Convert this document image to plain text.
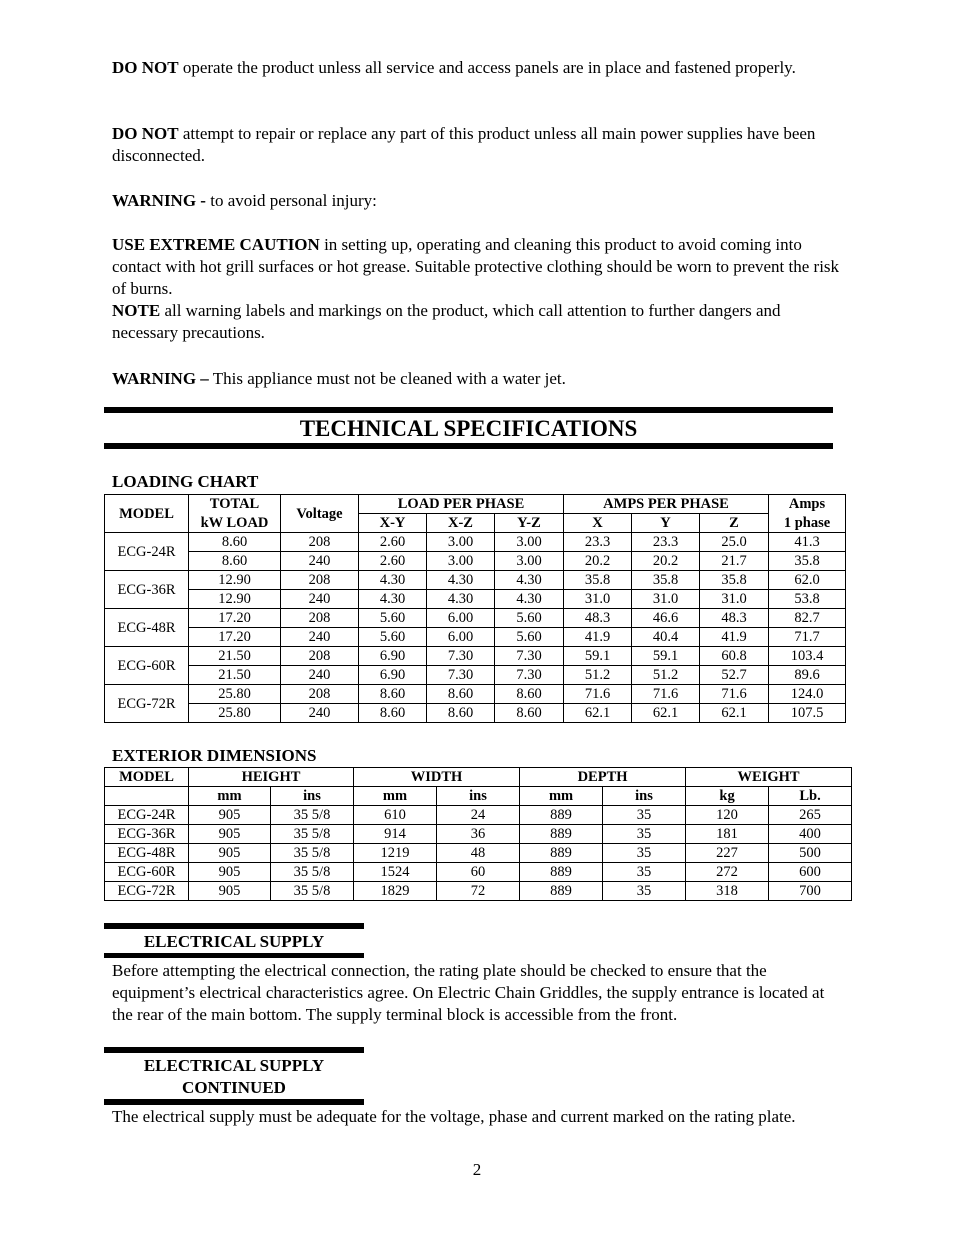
DO NOT operate the product unless all service and access panels are in place and fastened properly.

DO NOT attempt to repair or replace any part of this product unless all main power supplies have been disconnected.

WARNING - to avoid personal injury:

USE EXTREME CAUTION in setting up, operating and cleaning this product to avoid coming into contact with hot grill surfaces or hot grease. Suitable protective clothing should be worn to prevent the risk of burns.

NOTE all warning labels and markings on the product, which call attention to further dangers and necessary precautions.

WARNING – This appliance must not be cleaned with a water jet.

TECHNICAL SPECIFICATIONS
LOADING CHART
MODEL	TOTAL	Voltage	LOAD PER PHASE			AMPS PER PHASE			Amps
	kW LOAD		X-Y	X-Z	Y-Z	X	Y	Z	1 phase
ECG-24R	8.60	208	2.60	3.00	3.00	23.3	23.3	25.0	41.3
	8.60	240	2.60	3.00	3.00	20.2	20.2	21.7	35.8
ECG-36R	12.90	208	4.30	4.30	4.30	35.8	35.8	35.8	62.0
	12.90	240	4.30	4.30	4.30	31.0	31.0	31.0	53.8
ECG-48R	17.20	208	5.60	6.00	5.60	48.3	46.6	48.3	82.7
	17.20	240	5.60	6.00	5.60	41.9	40.4	41.9	71.7
ECG-60R	21.50	208	6.90	7.30	7.30	59.1	59.1	60.8	103.4
	21.50	240	6.90	7.30	7.30	51.2	51.2	52.7	89.6
ECG-72R	25.80	208	8.60	8.60	8.60	71.6	71.6	71.6	124.0
	25.80	240	8.60	8.60	8.60	62.1	62.1	62.1	107.5
EXTERIOR DIMENSIONS
MODEL	HEIGHT		WIDTH		DEPTH		WEIGHT	
	mm	ins	mm	ins	mm	ins	kg	Lb.
ECG-24R	905	35 5/8	610	24	889	35	120	265
ECG-36R	905	35 5/8	914	36	889	35	181	400
ECG-48R	905	35 5/8	1219	48	889	35	227	500
ECG-60R	905	35 5/8	1524	60	889	35	272	600
ECG-72R	905	35 5/8	1829	72	889	35	318	700
ELECTRICAL SUPPLY

Before attempting the electrical connection, the rating plate should be checked to ensure that the equipment’s electrical characteristics agree. On Electric Chain Griddles, the supply entrance is located at the rear of the main bottom. The supply terminal block is accessible from the front.

ELECTRICAL SUPPLY
CONTINUED

The electrical supply must be adequate for the voltage, phase and current marked on the rating plate.

2
